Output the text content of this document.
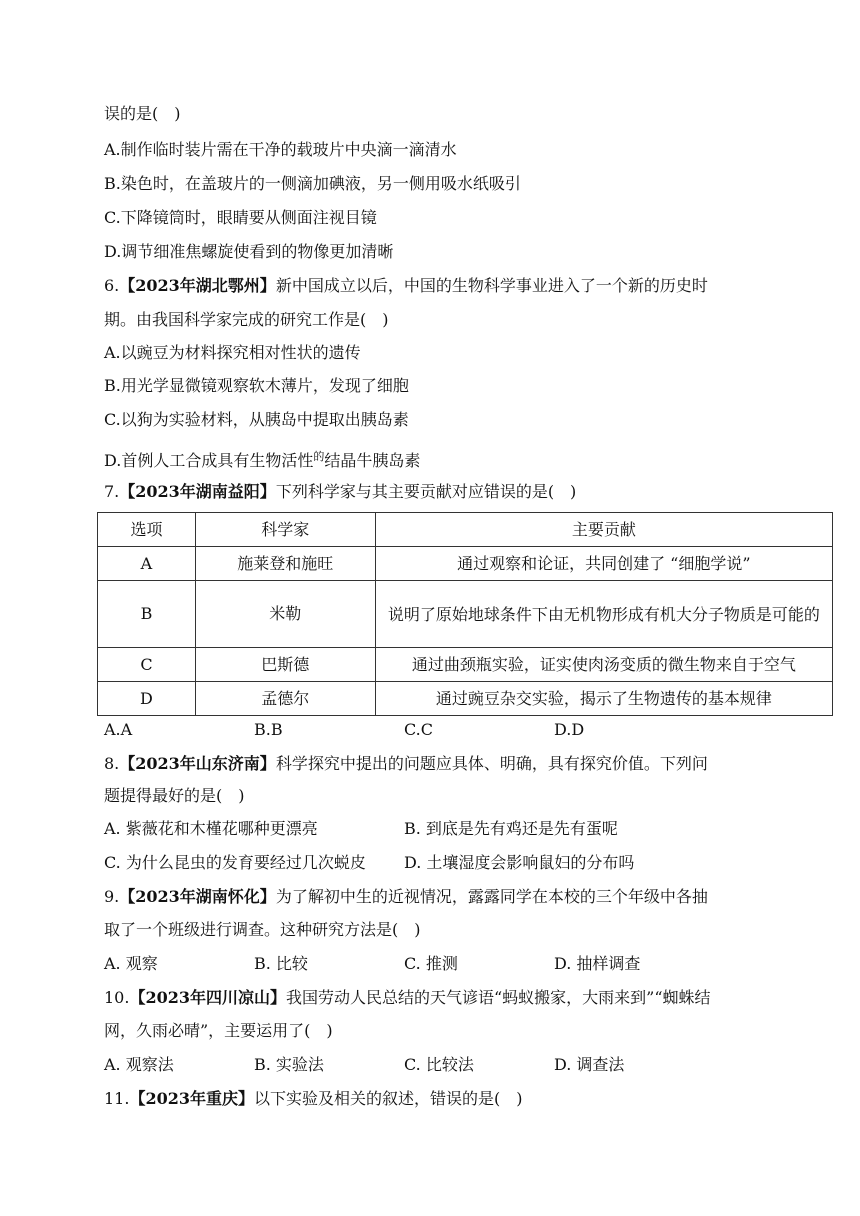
误的是(　)
A.制作临时装片需在干净的载玻片中央滴一滴清水
B.染色时，在盖玻片的一侧滴加碘液，另一侧用吸水纸吸引
C.下降镜筒时，眼睛要从侧面注视目镜
D.调节细准焦螺旋使看到的物像更加清晰
6.【2023年湖北鄂州】新中国成立以后，中国的生物科学事业进入了一个新的历史时
期。由我国科学家完成的研究工作是(　)
A.以豌豆为材料探究相对性状的遗传
B.用光学显微镜观察软木薄片，发现了细胞
C.以狗为实验材料，从胰岛中提取出胰岛素
D.首例人工合成具有生物活性$^的$结晶牛胰岛素
7.【2023年湖南益阳】下列科学家与其主要贡献对应错误的是(　)
选项	科学家	主要贡献
A	施莱登和施旺	通过观察和论证，共同创建了 “细胞学说”
B	米勒	说明了原始地球条件下由无机物形成有机大分子物质是可能的
C	巴斯德	通过曲颈瓶实验，证实使肉汤变质的微生物来自于空气
D	孟德尔	通过豌豆杂交实验，揭示了生物遗传的基本规律
A.A	B.B	C.C	D.D
8.【2023年山东济南】科学探究中提出的问题应具体、明确，具有探究价值。下列问
题提得最好的是(　)
A. 紫薇花和木槿花哪种更漂亮	B. 到底是先有鸡还是先有蛋呢
C. 为什么昆虫的发育要经过几次蜕皮 D. 土壤湿度会影响鼠妇的分布吗
9.【2023年湖南怀化】为了解初中生的近视情况，露露同学在本校的三个年级中各抽
取了一个班级进行调查。这种研究方法是(　)
A. 观察	B. 比较	C. 推测	D. 抽样调查
10.【2023年四川凉山】我国劳动人民总结的天气谚语“蚂蚁搬家，大雨来到”“蜘蛛结
网，久雨必晴”，主要运用了(　)
A. 观察法	B. 实验法	C. 比较法	D. 调查法
11.【2023年重庆】以下实验及相关的叙述，错误的是(　)
